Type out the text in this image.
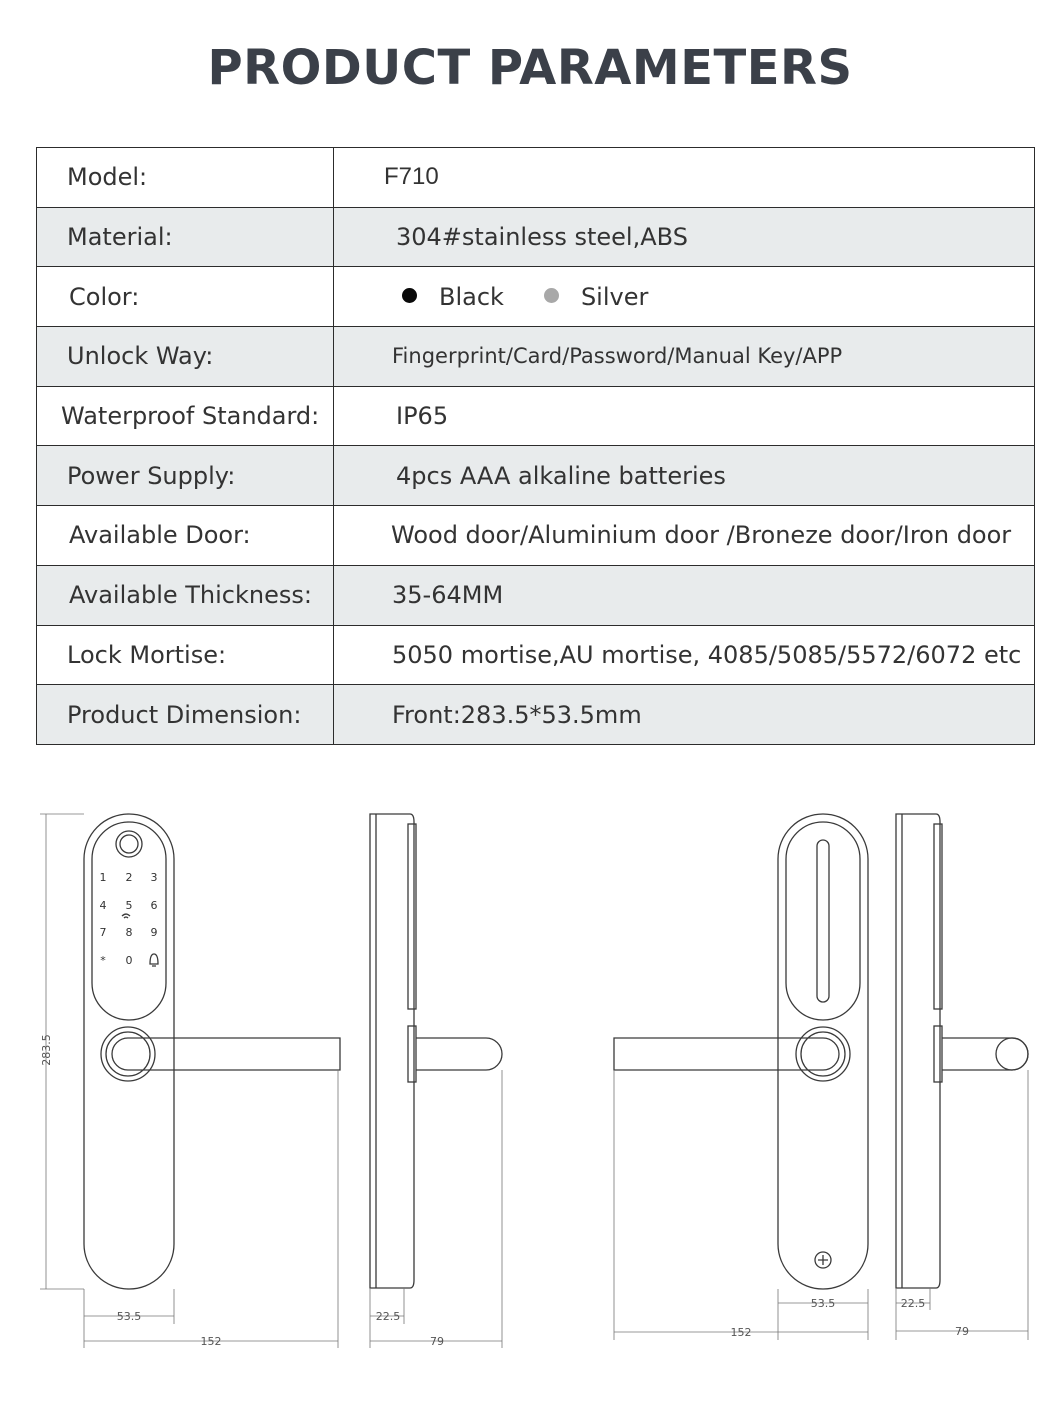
PRODUCT PARAMETERS
Model:	F710
Material:	304#stainless steel,ABS
Color:	Black Silver
Unlock Way:	Fingerprint/Card/Password/Manual Key/APP
Waterproof Standard:	IP65
Power Supply:	4pcs AAA alkaline batteries
Available Door:	Wood door/Aluminium door /Broneze door/Iron door
Available Thickness:	35-64MM
Lock Mortise:	5050 mortise,AU mortise, 4085/5085/5572/6072 etc
Product Dimension:	Front:283.5*53.5mm
1 2 3
4 5 6
7 8 9
* 0
283.5
53.5
152
22.5
79
53.5
152
22.5
79
